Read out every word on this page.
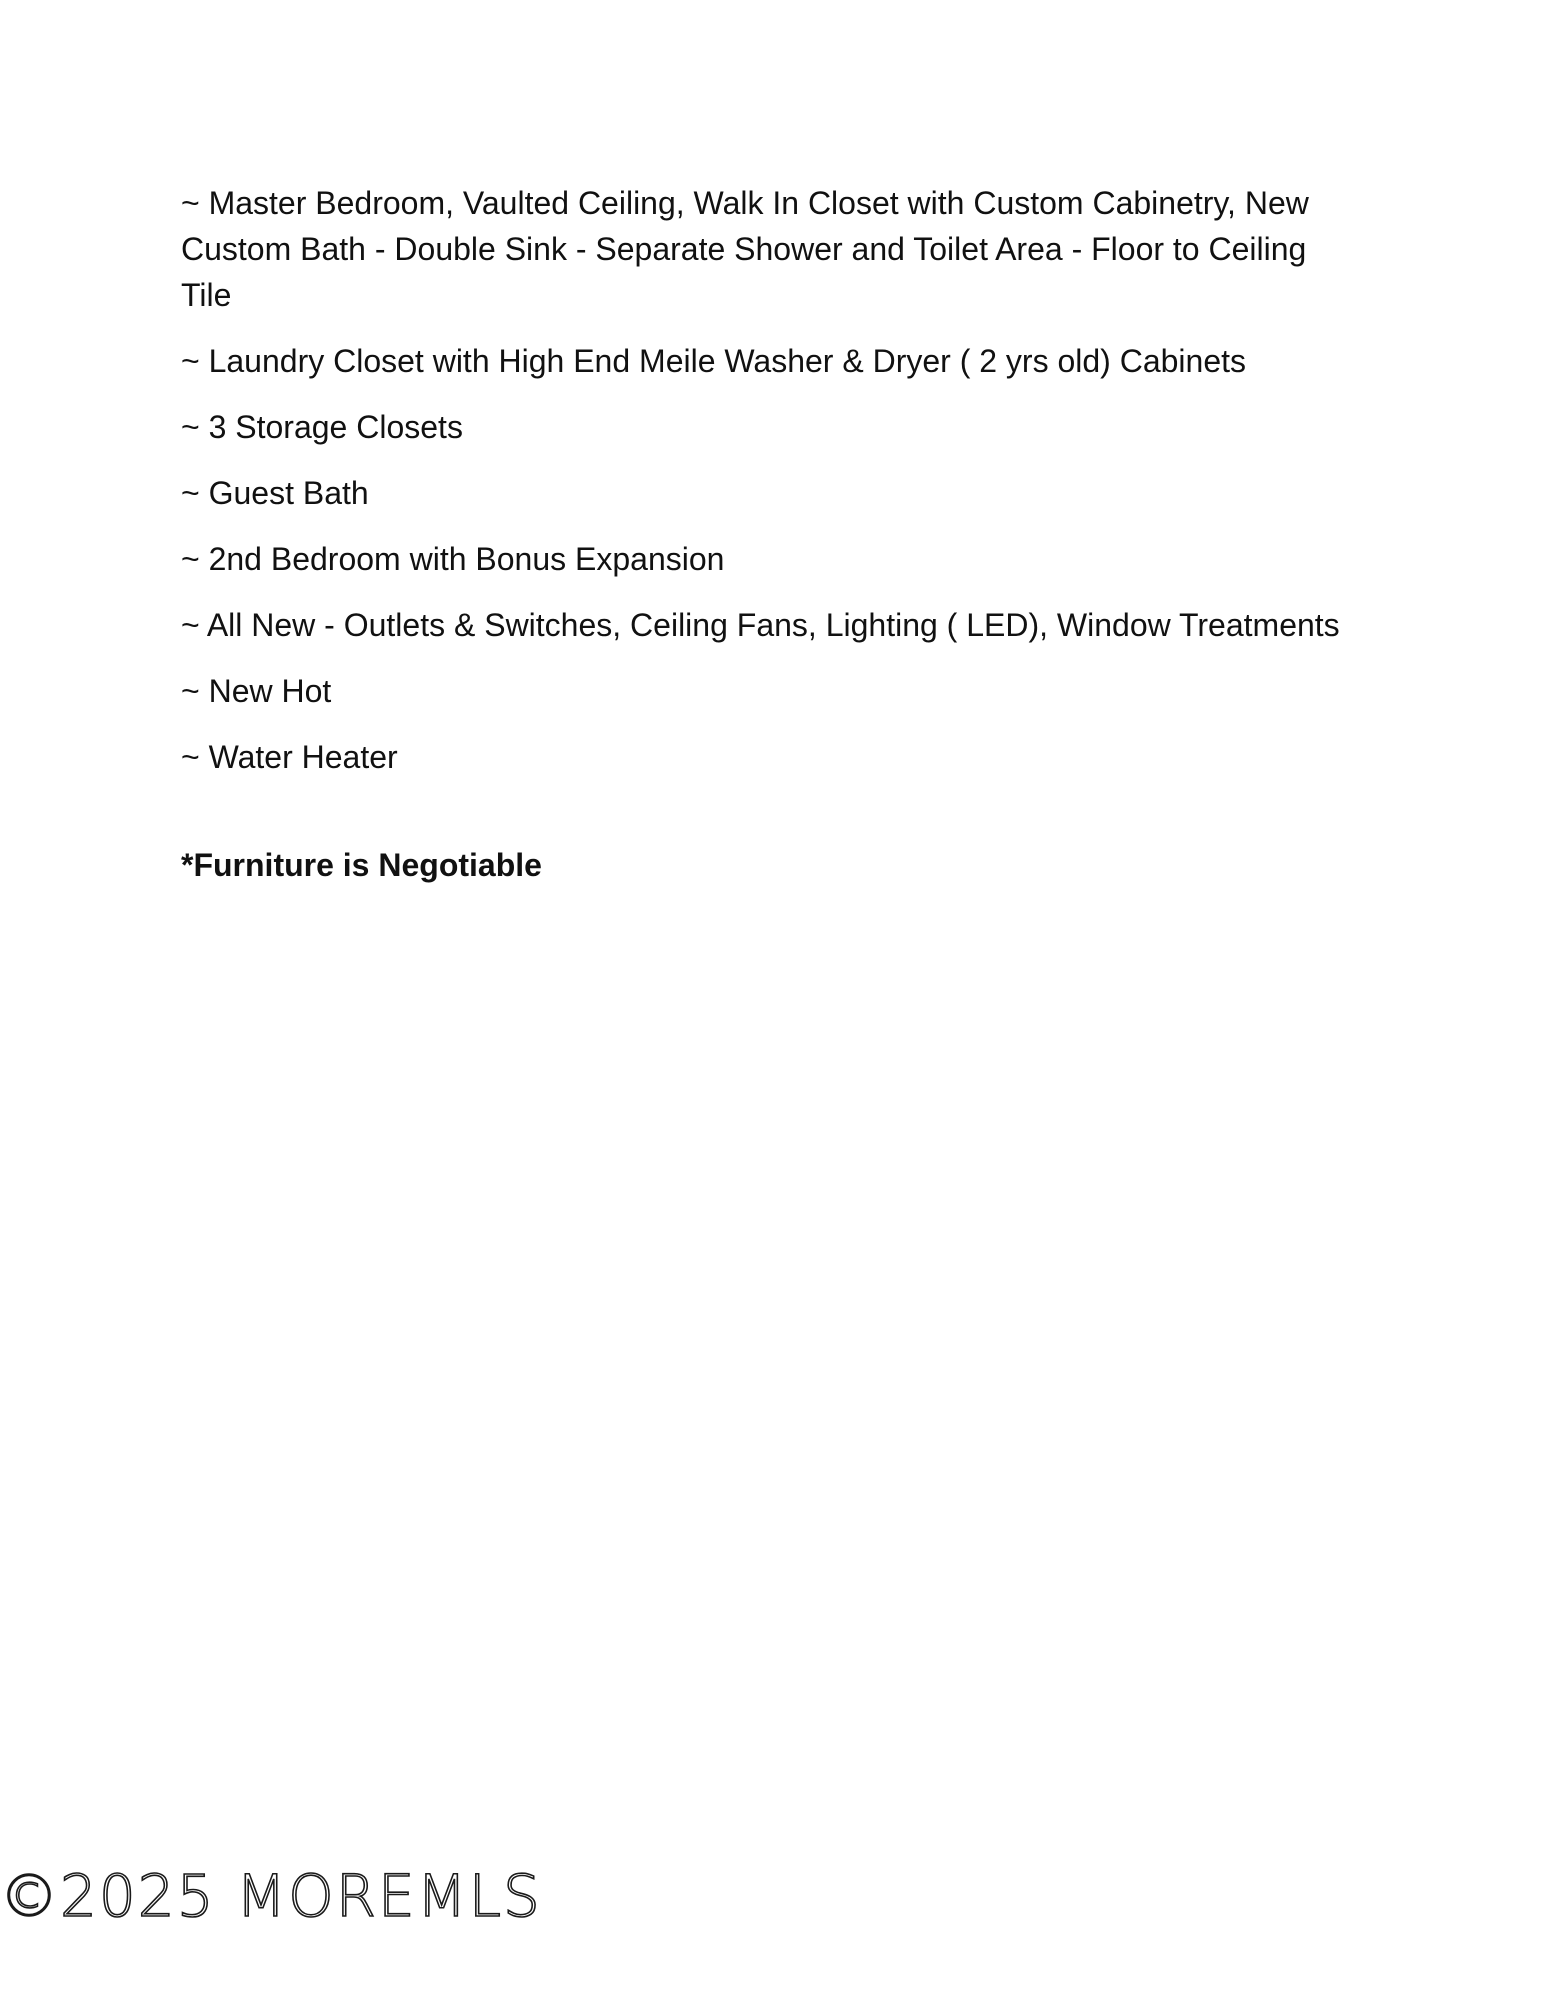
~ Master Bedroom, Vaulted Ceiling, Walk In Closet with Custom Cabinetry, New Custom Bath - Double Sink - Separate Shower and Toilet Area - Floor to Ceiling Tile

~ Laundry Closet with High End Meile Washer & Dryer ( 2 yrs old) Cabinets

~ 3 Storage Closets

~ Guest Bath

~ 2nd Bedroom with Bonus Expansion

~ All New - Outlets & Switches, Ceiling Fans, Lighting ( LED), Window Treatments

~ New Hot

~ Water Heater

*Furniture is Negotiable

©2025 MOREMLS
